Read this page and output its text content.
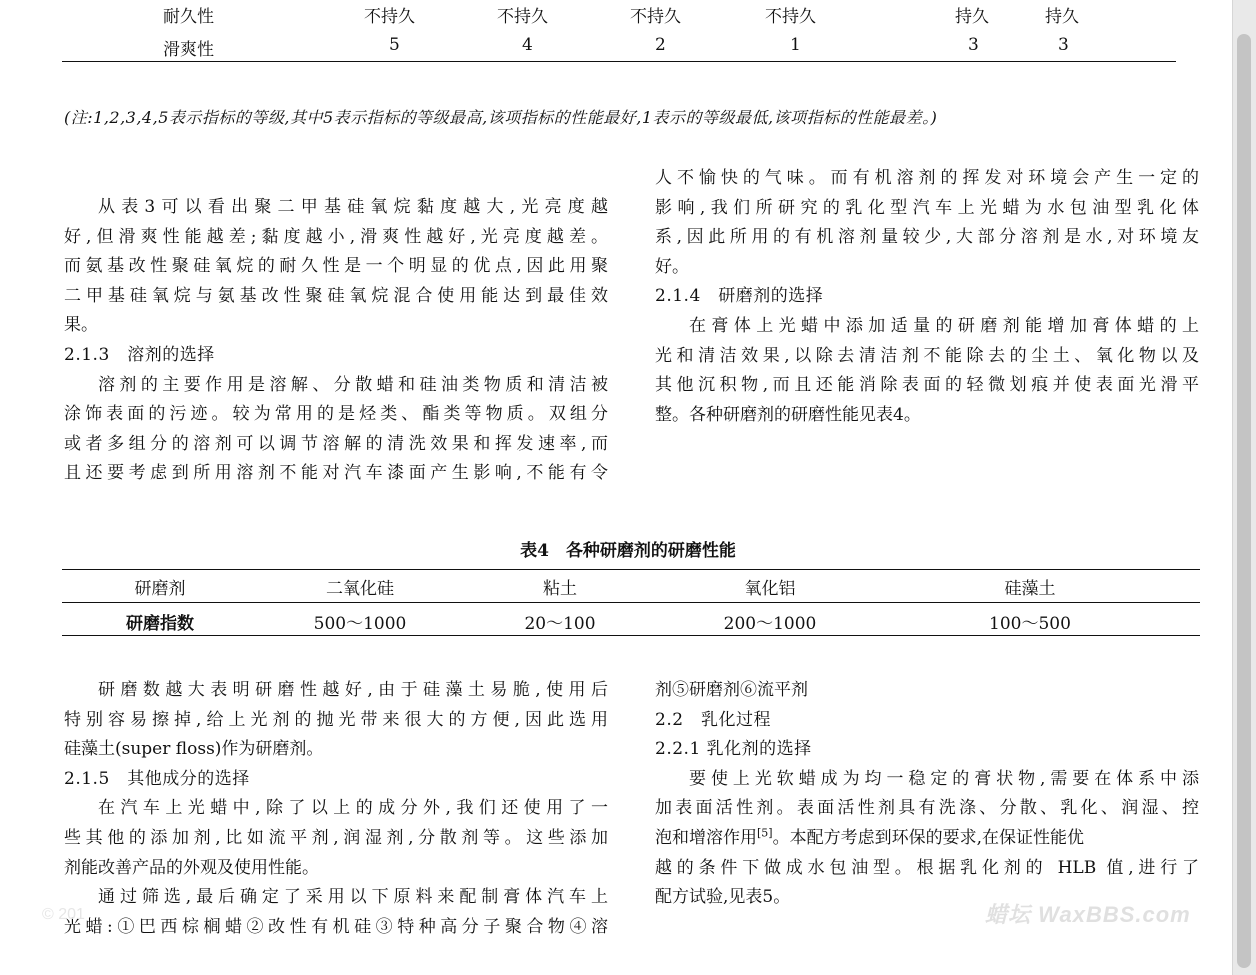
耐久性	不持久	不持久	不持久	不持久	持久	持久
滑爽性	5	4	2	1	3	3
(注:1,2,3,4,5表示指标的等级,其中5表示指标的等级最高,该项指标的性能最好,1表示的等级最低,该项指标的性能最差。)

从表3可以看出聚二甲基硅氧烷黏度越大,光亮度越

好,但滑爽性能越差;黏度越小,滑爽性越好,光亮度越差。

而氨基改性聚硅氧烷的耐久性是一个明显的优点,因此用聚

二甲基硅氧烷与氨基改性聚硅氧烷混合使用能达到最佳效

果。

2.1.3　溶剂的选择

溶剂的主要作用是溶解、分散蜡和硅油类物质和清洁被

涂饰表面的污迹。较为常用的是烃类、酯类等物质。双组分

或者多组分的溶剂可以调节溶解的清洗效果和挥发速率,而

且还要考虑到所用溶剂不能对汽车漆面产生影响,不能有令

人不愉快的气味。而有机溶剂的挥发对环境会产生一定的

影响,我们所研究的乳化型汽车上光蜡为水包油型乳化体

系,因此所用的有机溶剂量较少,大部分溶剂是水,对环境友

好。

2.1.4　研磨剂的选择

在膏体上光蜡中添加适量的研磨剂能增加膏体蜡的上

光和清洁效果,以除去清洁剂不能除去的尘土、氧化物以及

其他沉积物,而且还能消除表面的轻微划痕并使表面光滑平

整。各种研磨剂的研磨性能见表4。

表4　各种研磨剂的研磨性能
研磨剂	二氧化硅	粘土	氧化铝	硅藻土
研磨指数	500～1000	20～100	200～1000	100～500

研磨数越大表明研磨性越好,由于硅藻土易脆,使用后

特别容易擦掉,给上光剂的抛光带来很大的方便,因此选用

硅藻土(super floss)作为研磨剂。

2.1.5　其他成分的选择

在汽车上光蜡中,除了以上的成分外,我们还使用了一

些其他的添加剂,比如流平剂,润湿剂,分散剂等。这些添加

剂能改善产品的外观及使用性能。

通过筛选,最后确定了采用以下原料来配制膏体汽车上

光蜡:①巴西棕榈蜡②改性有机硅③特种高分子聚合物④溶

剂⑤研磨剂⑥流平剂

2.2　乳化过程

2.2.1 乳化剂的选择

要使上光软蜡成为均一稳定的膏状物,需要在体系中添

加表面活性剂。表面活性剂具有洗涤、分散、乳化、润湿、控

泡和增溶作用[5]。本配方考虑到环保的要求,在保证性能优

越的条件下做成水包油型。根据乳化剂的 HLB 值,进行了

配方试验,见表5。

© 201	蜡坛 WaxBBS.com
